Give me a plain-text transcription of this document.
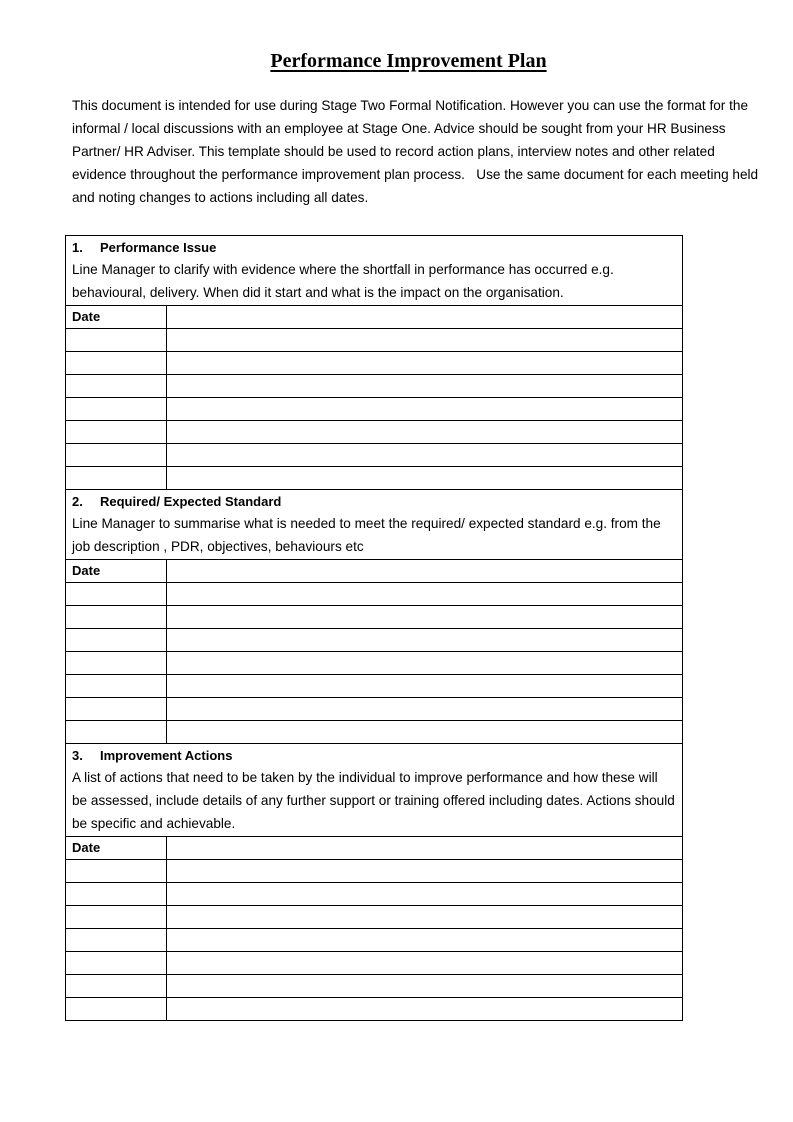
Performance Improvement Plan
This document is intended for use during Stage Two Formal Notification. However you can use the format for the informal / local discussions with an employee at Stage One. Advice should be sought from your HR Business Partner/ HR Adviser. This template should be used to record action plans, interview notes and other related evidence throughout the performance improvement plan process.   Use the same document for each meeting held and noting changes to actions including all dates.
1. Performance Issue
Line Manager to clarify with evidence where the shortfall in performance has occurred e.g. behavioural, delivery. When did it start and what is the impact on the organisation.	

Date	

2. Required/ Expected Standard
Line Manager to summarise what is needed to meet the required/ expected standard e.g. from the job description , PDR, objectives, behaviours etc	

Date	

3. Improvement Actions
A list of actions that need to be taken by the individual to improve performance and how these will be assessed, include details of any further support or training offered including dates. Actions should be specific and achievable.	

Date	
